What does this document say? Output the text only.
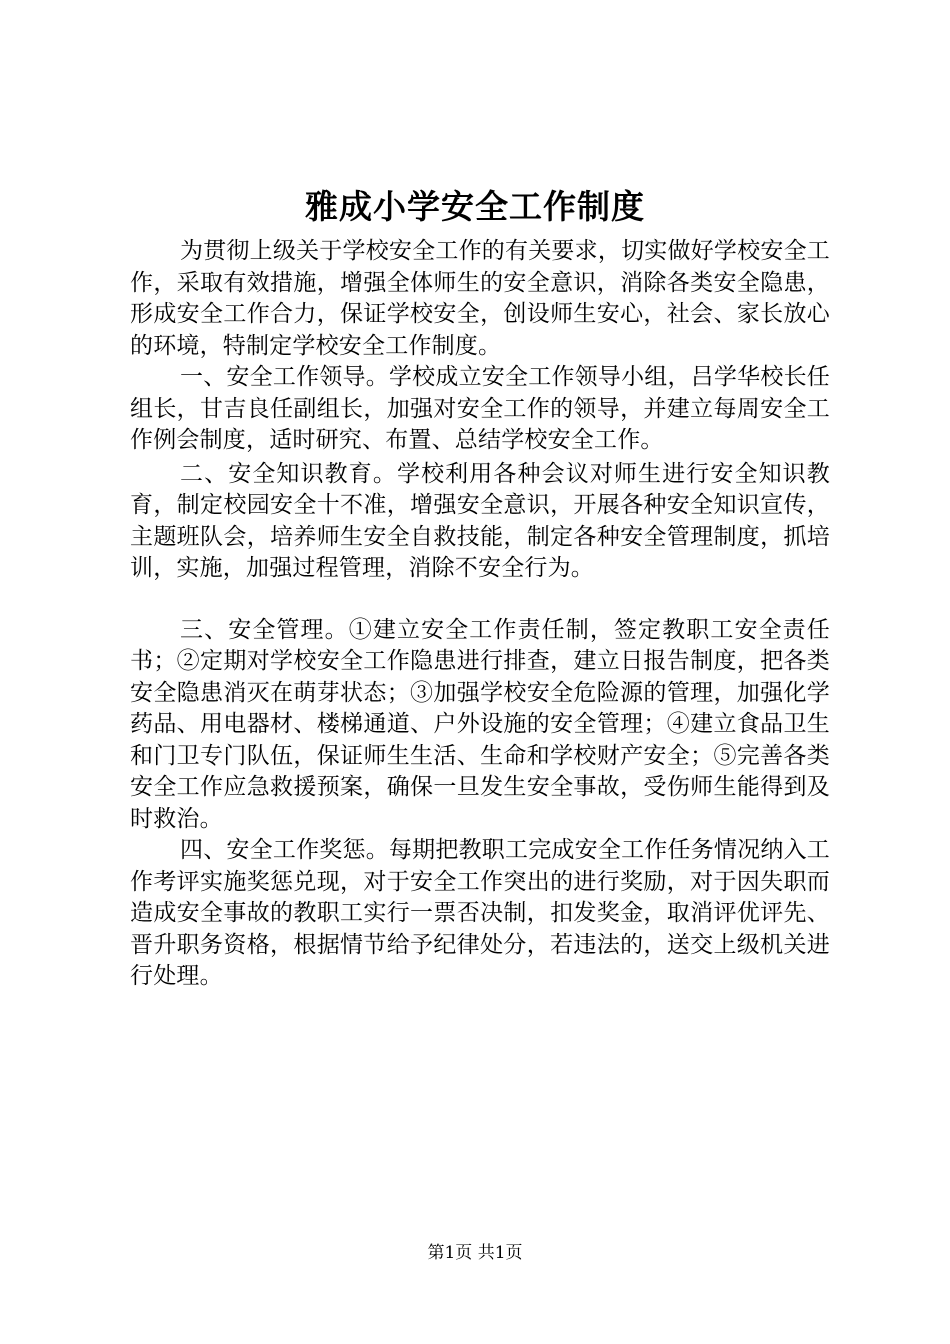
雅成小学安全工作制度

为贯彻上级关于学校安全工作的有关要求，切实做好学校安全工作，采取有效措施，增强全体师生的安全意识，消除各类安全隐患，形成安全工作合力，保证学校安全，创设师生安心，社会、家长放心的环境，特制定学校安全工作制度。

一、安全工作领导。学校成立安全工作领导小组，吕学华校长任组长，甘吉良任副组长，加强对安全工作的领导，并建立每周安全工作例会制度，适时研究、布置、总结学校安全工作。

二、安全知识教育。学校利用各种会议对师生进行安全知识教育，制定校园安全十不准，增强安全意识，开展各种安全知识宣传，主题班队会，培养师生安全自救技能，制定各种安全管理制度，抓培训，实施，加强过程管理，消除不安全行为。

三、安全管理。①建立安全工作责任制，签定教职工安全责任书；②定期对学校安全工作隐患进行排查，建立日报告制度，把各类安全隐患消灭在萌芽状态；③加强学校安全危险源的管理，加强化学药品、用电器材、楼梯通道、户外设施的安全管理；④建立食品卫生和门卫专门队伍，保证师生生活、生命和学校财产安全；⑤完善各类安全工作应急救援预案，确保一旦发生安全事故，受伤师生能得到及时救治。

四、安全工作奖惩。每期把教职工完成安全工作任务情况纳入工作考评实施奖惩兑现，对于安全工作突出的进行奖励，对于因失职而造成安全事故的教职工实行一票否决制，扣发奖金，取消评优评先、晋升职务资格，根据情节给予纪律处分，若违法的，送交上级机关进行处理。

第1页 共1页
